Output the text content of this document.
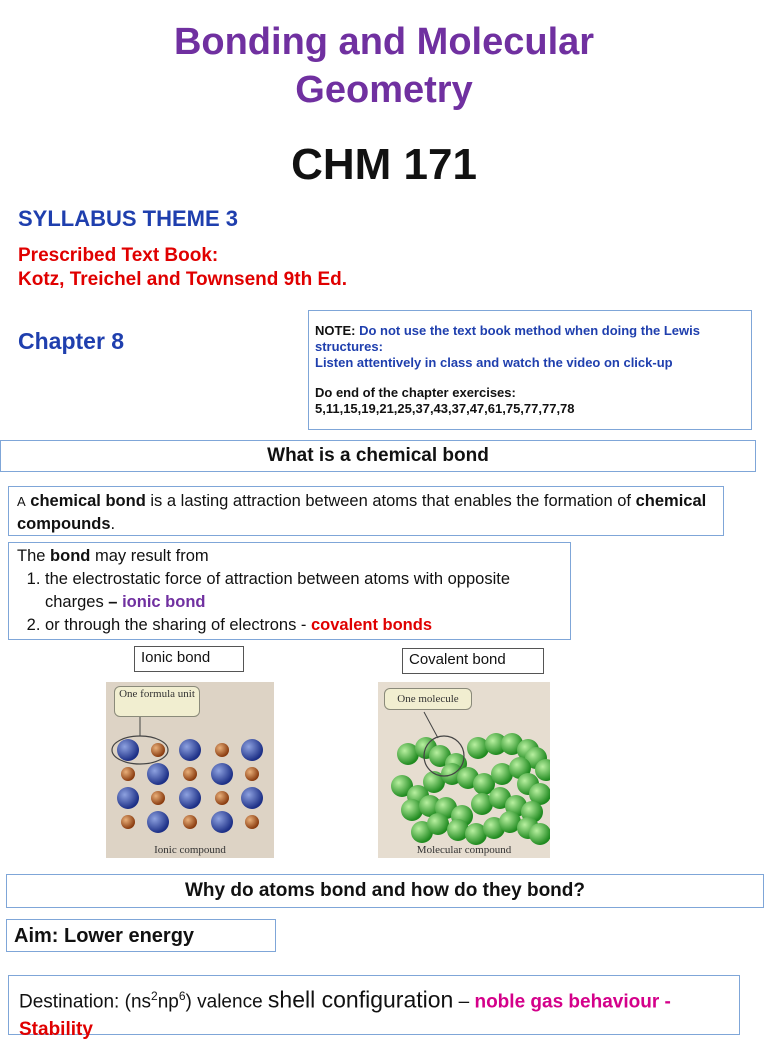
Bonding and Molecular Geometry
CHM 171
SYLLABUS THEME 3
Prescribed Text Book:
Kotz, Treichel and Townsend 9th Ed.
Chapter 8	NOTE: Do not use the text book method when doing the Lewis structures:
Listen attentively in class and watch the video on click-up
Do end of the chapter exercises:
5,11,15,19,21,25,37,43,37,47,61,75,77,77,78
What is a chemical bond
A chemical bond is a lasting attraction between atoms that enables the formation of chemical compounds.
The bond may result from
1. the electrostatic force of attraction between atoms with opposite charges – ionic bond
2. or through the sharing of electrons - covalent bonds
Ionic bond	Covalent bond
One formula unit
Ionic compound
One molecule
Molecular compound
Why do atoms bond and how do they bond?
Aim: Lower energy
Destination: $(ns^2np^6)$ valence shell configuration – noble gas behaviour - Stability
